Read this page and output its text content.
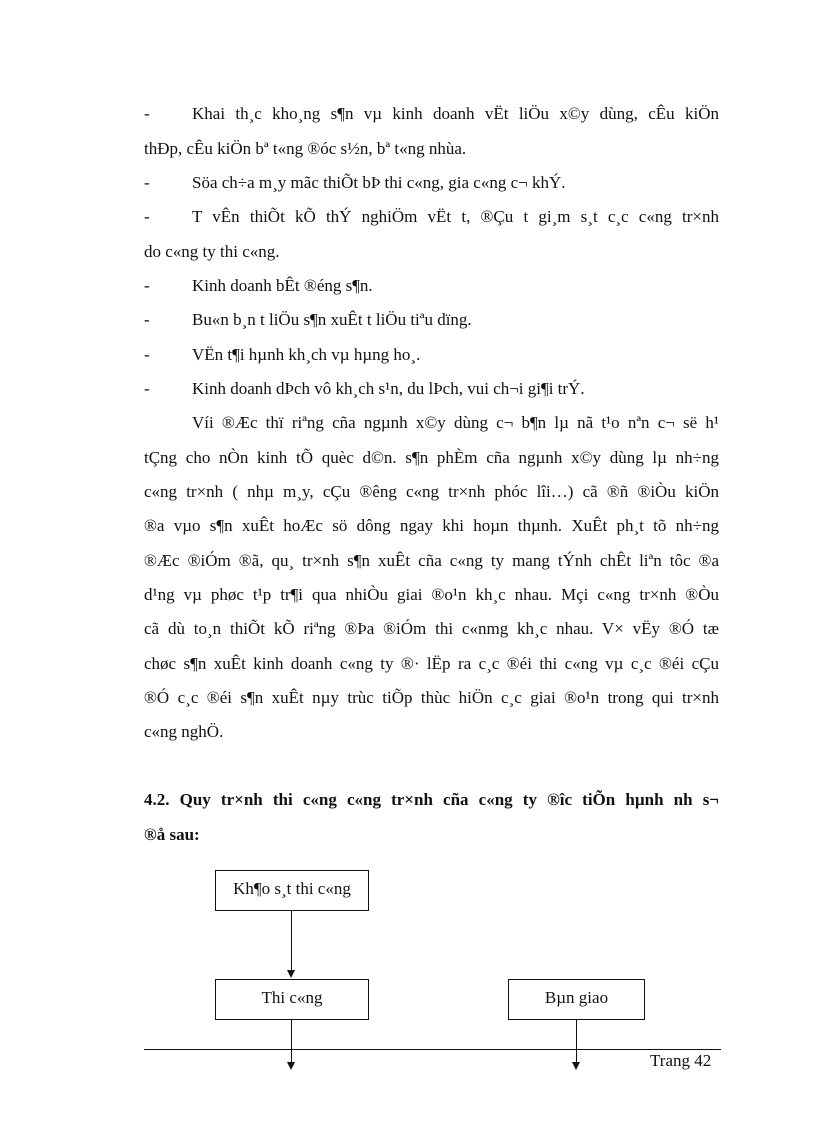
- Khai th¸c kho¸ng s¶n vµ kinh doanh vËt liÖu x©y dùng, cÊu kiÖn
thÐp, cÊu kiÖn bª t«ng ®óc s½n, bª t«ng nhùa.
- Söa ch÷a m¸y mãc thiÕt bÞ thi c«ng, gia c«ng c¬ khÝ.
- T vÊn thiÕt kÕ thÝ nghiÖm vËt t, ®Çu t gi¸m s¸t c¸c c«ng tr×nh
do c«ng ty thi c«ng.
- Kinh doanh bÊt ®éng s¶n.
- Bu«n b¸n t liÖu s¶n xuÊt t liÖu tiªu dïng.
- VËn t¶i hµnh kh¸ch vµ hµng ho¸.
- Kinh doanh dÞch vô kh¸ch s¹n, du lÞch, vui ch¬i gi¶i trÝ.
Víi ®Æc thï riªng cña ngµnh x©y dùng c¬ b¶n lµ nã t¹o nªn c¬ së h¹
tÇng cho nÒn kinh tÕ quèc d©n. s¶n phÈm cña ngµnh x©y dùng lµ nh÷ng
c«ng tr×nh ( nhµ m¸y, cÇu ®êng c«ng tr×nh phóc lîi…) cã ®ñ ®iÒu kiÖn
®a vµo s¶n xuÊt hoÆc sö dông ngay khi hoµn thµnh. XuÊt ph¸t tõ nh÷ng
®Æc ®iÓm ®ã, qu¸ tr×nh s¶n xuÊt cña c«ng ty mang tÝnh chÊt liªn tôc ®a
d¹ng vµ phøc t¹p tr¶i qua nhiÒu giai ®o¹n kh¸c nhau. Mçi c«ng tr×nh ®Òu
cã dù to¸n thiÕt kÕ riªng ®Þa ®iÓm thi c«nmg kh¸c nhau. V× vËy ®Ó tæ
chøc s¶n xuÊt kinh doanh c«ng ty ®· lËp ra c¸c ®éi thi c«ng vµ c¸c ®éi cÇu
®Ó c¸c ®éi s¶n xuÊt nµy trùc tiÕp thùc hiÖn c¸c giai ®o¹n trong qui tr×nh
c«ng nghÖ.
4.2. Quy tr×nh thi c«ng c«ng tr×nh cña c«ng ty ®îc tiÕn hµnh nh s¬
®å sau:
Kh¶o s¸t thi c«ng
Thi c«ng	Bµn giao
Trang 42
